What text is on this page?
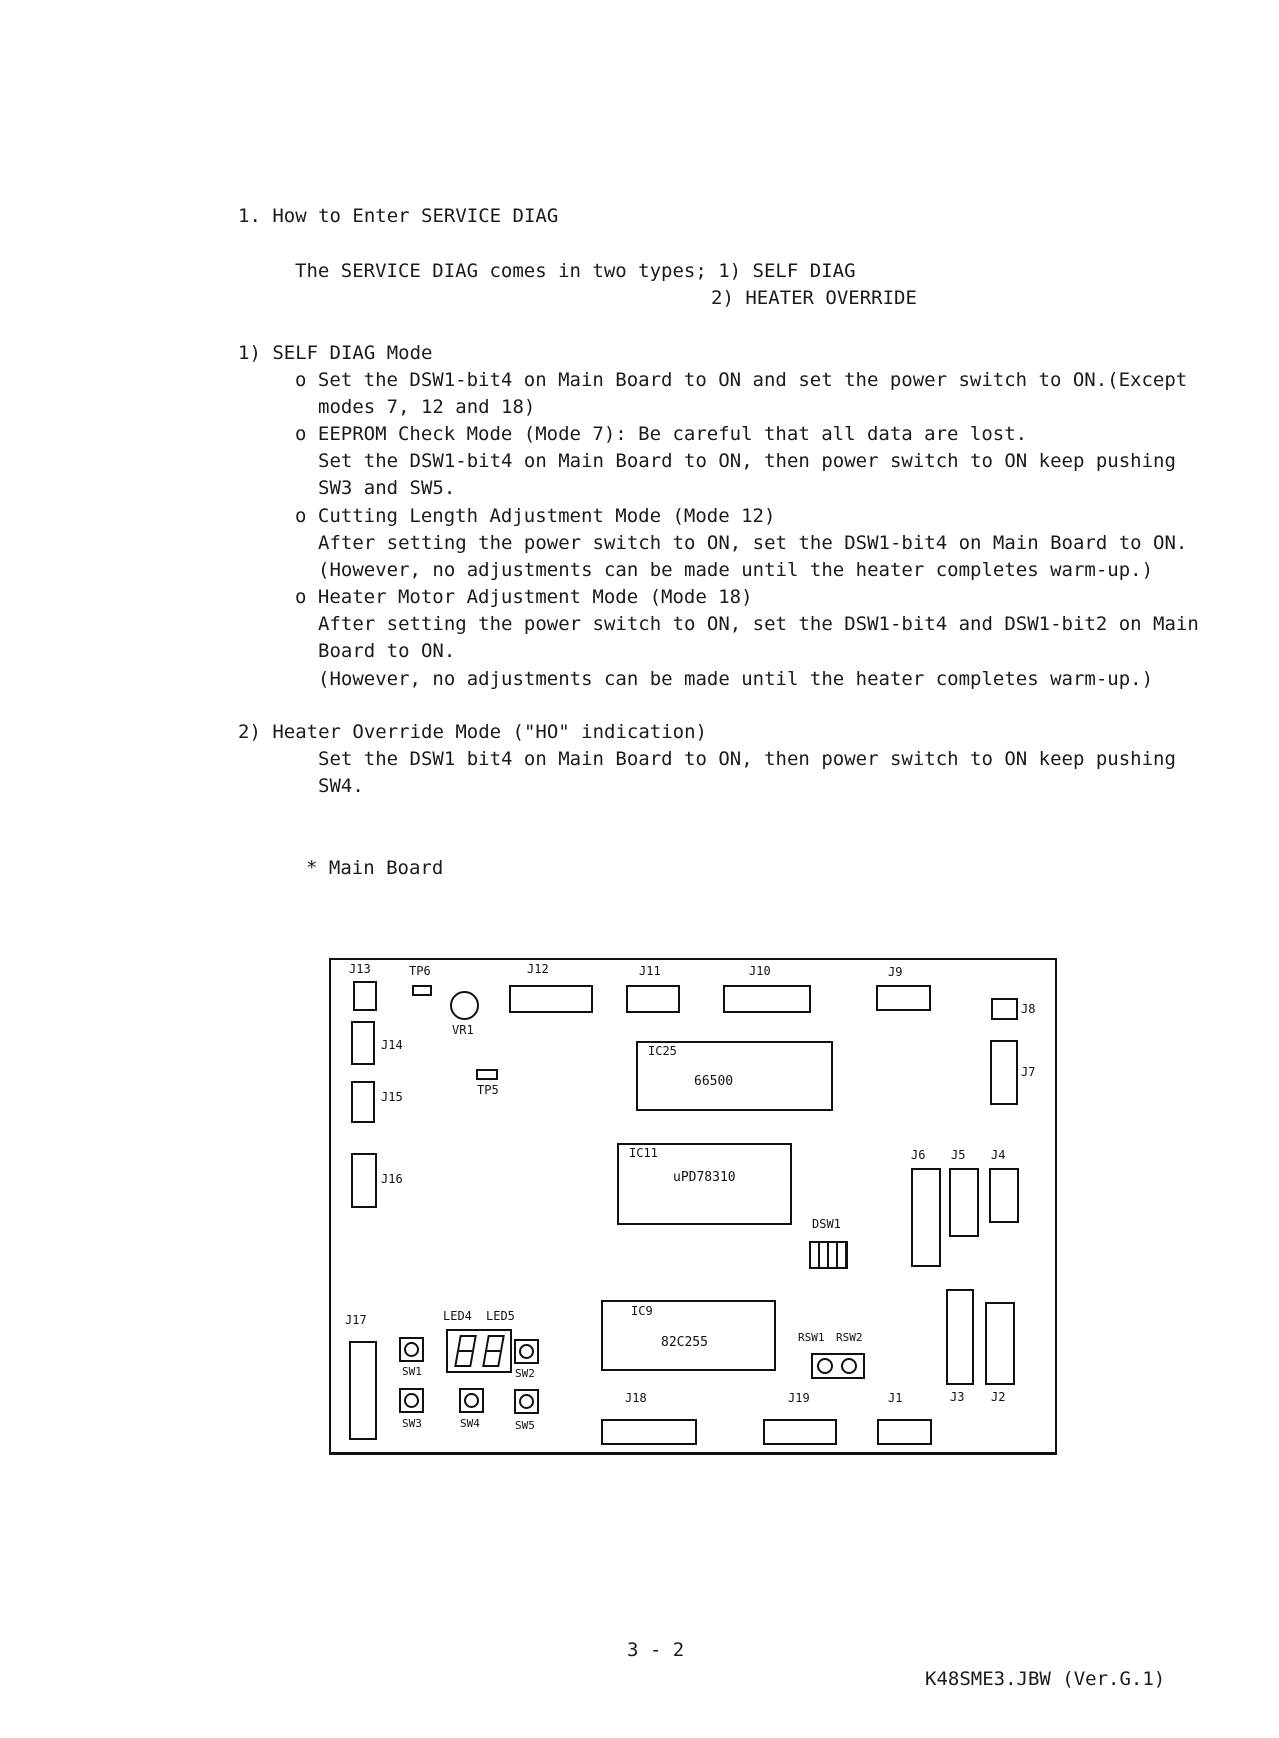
1. How to Enter SERVICE DIAG
The SERVICE DIAG comes in two types; 1) SELF DIAG
2) HEATER OVERRIDE
1) SELF DIAG Mode
o Set the DSW1-bit4 on Main Board to ON and set the power switch to ON.(Except
modes 7, 12 and 18)
o EEPROM Check Mode (Mode 7): Be careful that all data are lost.
Set the DSW1-bit4 on Main Board to ON, then power switch to ON keep pushing
SW3 and SW5.
o Cutting Length Adjustment Mode (Mode 12)
After setting the power switch to ON, set the DSW1-bit4 on Main Board to ON.
(However, no adjustments can be made until the heater completes warm-up.)
o Heater Motor Adjustment Mode (Mode 18)
After setting the power switch to ON, set the DSW1-bit4 and DSW1-bit2 on Main
Board to ON.
(However, no adjustments can be made until the heater completes warm-up.)
2) Heater Override Mode ("HO" indication)
Set the DSW1 bit4 on Main Board to ON, then power switch to ON keep pushing
SW4.
* Main Board
J13	TP6
VR1
J12	J11	J10	J9
J8
J14
TP5
J15
J16
IC25
66500
J7
IC11
uPD78310
J6 J5 J4
DSW1
J17	LED4 LED5
SW1	SW2
SW3	SW4	SW5
IC9
82C255	RSW1 RSW2
J3 J2
J18	J19	J1
3 - 2
K48SME3.JBW (Ver.G.1)
